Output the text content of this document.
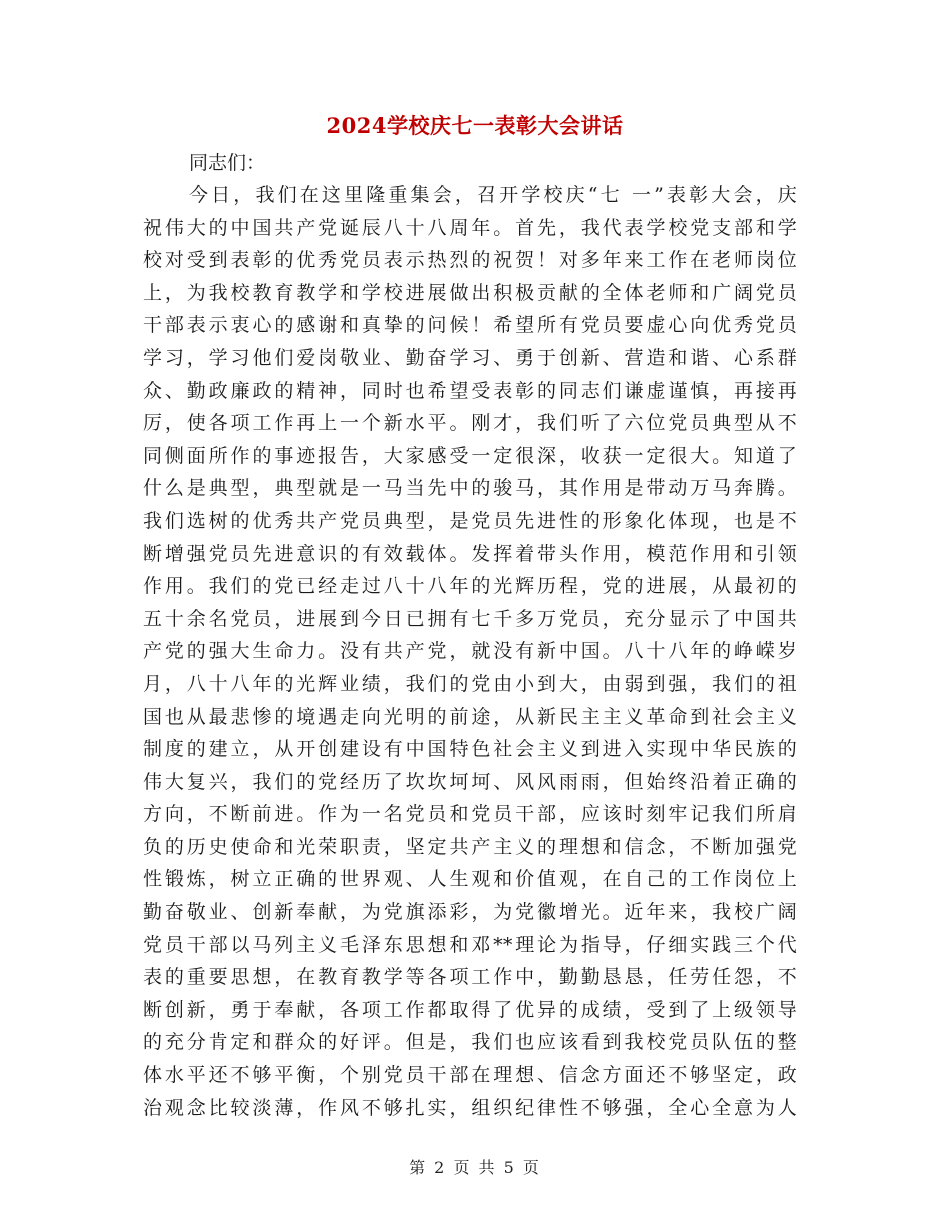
2024学校庆七一表彰大会讲话

同志们：

今日，我们在这里隆重集会，召开学校庆“七 一”表彰大会，庆
祝伟大的中国共产党诞辰八十八周年。首先，我代表学校党支部和学
校对受到表彰的优秀党员表示热烈的祝贺！对多年来工作在老师岗位
上，为我校教育教学和学校进展做出积极贡献的全体老师和广阔党员
干部表示衷心的感谢和真挚的问候！希望所有党员要虚心向优秀党员
学习，学习他们爱岗敬业、勤奋学习、勇于创新、营造和谐、心系群
众、勤政廉政的精神，同时也希望受表彰的同志们谦虚谨慎，再接再
厉，使各项工作再上一个新水平。刚才，我们听了六位党员典型从不
同侧面所作的事迹报告，大家感受一定很深，收获一定很大。知道了
什么是典型，典型就是一马当先中的骏马，其作用是带动万马奔腾。
我们选树的优秀共产党员典型，是党员先进性的形象化体现，也是不
断增强党员先进意识的有效载体。发挥着带头作用，模范作用和引领
作用。我们的党已经走过八十八年的光辉历程，党的进展，从最初的
五十余名党员，进展到今日已拥有七千多万党员，充分显示了中国共
产党的强大生命力。没有共产党，就没有新中国。八十八年的峥嵘岁
月，八十八年的光辉业绩，我们的党由小到大，由弱到强，我们的祖
国也从最悲惨的境遇走向光明的前途，从新民主主义革命到社会主义
制度的建立，从开创建设有中国特色社会主义到进入实现中华民族的
伟大复兴，我们的党经历了坎坎坷坷、风风雨雨，但始终沿着正确的
方向，不断前进。作为一名党员和党员干部，应该时刻牢记我们所肩
负的历史使命和光荣职责，坚定共产主义的理想和信念，不断加强党
性锻炼，树立正确的世界观、人生观和价值观，在自己的工作岗位上
勤奋敬业、创新奉献，为党旗添彩，为党徽增光。近年来，我校广阔
党员干部以马列主义毛泽东思想和邓**理论为指导，仔细实践三个代
表的重要思想，在教育教学等各项工作中，勤勤恳恳，任劳任怨，不
断创新，勇于奉献，各项工作都取得了优异的成绩，受到了上级领导
的充分肯定和群众的好评。但是，我们也应该看到我校党员队伍的整
体水平还不够平衡，个别党员干部在理想、信念方面还不够坚定，政
治观念比较淡薄，作风不够扎实，组织纪律性不够强，全心全意为人

第 2 页 共 5 页
